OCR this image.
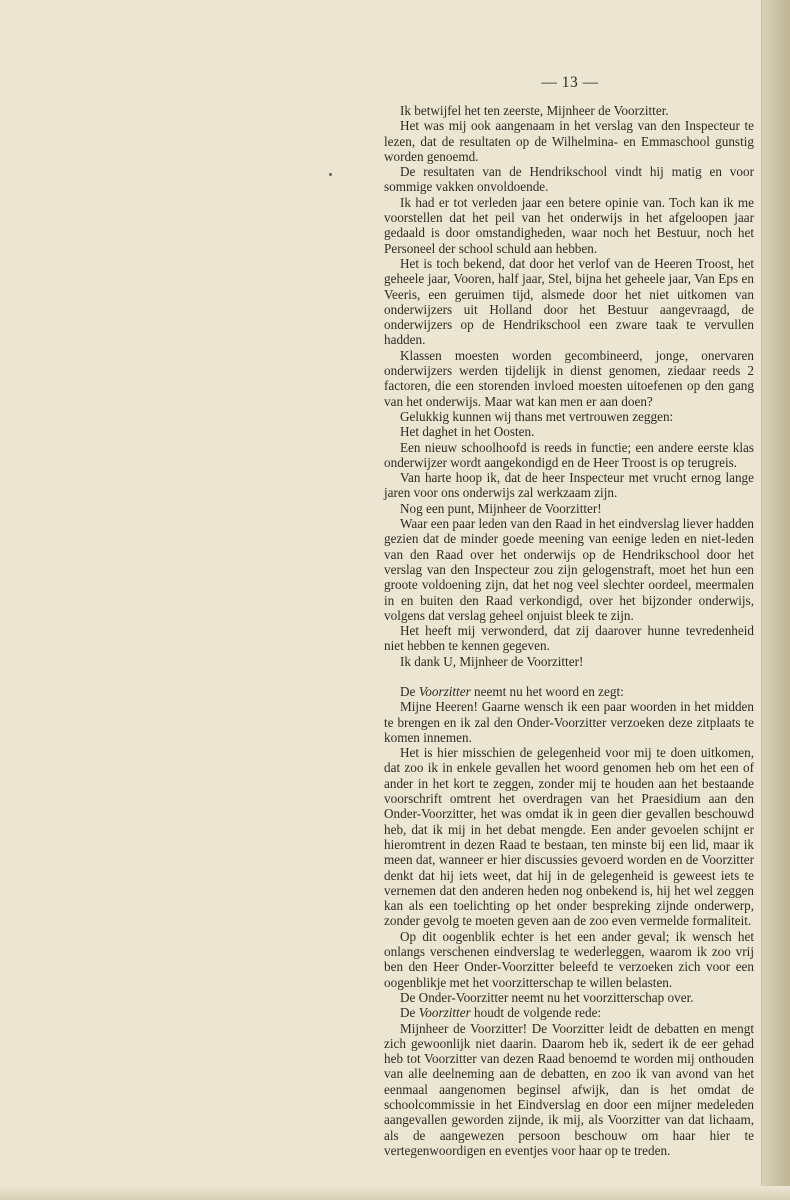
— 13 —

Ik betwijfel het ten zeerste, Mijnheer de Voorzitter.

Het was mij ook aangenaam in het verslag van den Inspecteur te lezen, dat de resultaten op de Wilhelmina- en Emmaschool gunstig worden genoemd.

De resultaten van de Hendrikschool vindt hij matig en voor sommige vakken onvoldoende.

Ik had er tot verleden jaar een betere opinie van. Toch kan ik me voorstellen dat het peil van het onderwijs in het afgeloopen jaar gedaald is door omstandigheden, waar noch het Bestuur, noch het Personeel der school schuld aan hebben.

Het is toch bekend, dat door het verlof van de Heeren Troost, het geheele jaar, Vooren, half jaar, Stel, bijna het geheele jaar, Van Eps en Veeris, een geruimen tijd, alsmede door het niet uitkomen van onderwijzers uit Holland door het Bestuur aangevraagd, de onderwijzers op de Hendrikschool een zware taak te vervullen hadden.

Klassen moesten worden gecombineerd, jonge, onervaren onderwijzers werden tijdelijk in dienst genomen, ziedaar reeds 2 factoren, die een storenden invloed moesten uitoefenen op den gang van het onderwijs. Maar wat kan men er aan doen?

Gelukkig kunnen wij thans met vertrouwen zeggen:

Het daghet in het Oosten.

Een nieuw schoolhoofd is reeds in functie; een andere eerste klas onderwijzer wordt aangekondigd en de Heer Troost is op terugreis.

Van harte hoop ik, dat de heer Inspecteur met vrucht ernog lange jaren voor ons onderwijs zal werkzaam zijn.

Nog een punt, Mijnheer de Voorzitter!

Waar een paar leden van den Raad in het eindverslag liever hadden gezien dat de minder goede meening van eenige leden en niet-leden van den Raad over het onderwijs op de Hendrikschool door het verslag van den Inspecteur zou zijn gelogenstraft, moet het hun een groote voldoening zijn, dat het nog veel slechter oordeel, meermalen in en buiten den Raad verkondigd, over het bijzonder onderwijs, volgens dat verslag geheel onjuist bleek te zijn.

Het heeft mij verwonderd, dat zij daarover hunne tevredenheid niet hebben te kennen gegeven.

Ik dank U, Mijnheer de Voorzitter!

De Voorzitter neemt nu het woord en zegt:

Mijne Heeren! Gaarne wensch ik een paar woorden in het midden te brengen en ik zal den Onder-Voorzitter verzoeken deze zitplaats te komen innemen.

Het is hier misschien de gelegenheid voor mij te doen uitkomen, dat zoo ik in enkele gevallen het woord genomen heb om het een of ander in het kort te zeggen, zonder mij te houden aan het bestaande voorschrift omtrent het overdragen van het Praesidium aan den Onder-Voorzitter, het was omdat ik in geen dier gevallen beschouwd heb, dat ik mij in het debat mengde. Een ander gevoelen schijnt er hieromtrent in dezen Raad te bestaan, ten minste bij een lid, maar ik meen dat, wanneer er hier discussies gevoerd worden en de Voorzitter denkt dat hij iets weet, dat hij in de gelegenheid is geweest iets te vernemen dat den anderen heden nog onbekend is, hij het wel zeggen kan als een toelichting op het onder bespreking zijnde onderwerp, zonder gevolg te moeten geven aan de zoo even vermelde formaliteit.

Op dit oogenblik echter is het een ander geval; ik wensch het onlangs verschenen eindverslag te wederleggen, waarom ik zoo vrij ben den Heer Onder-Voorzitter beleefd te verzoeken zich voor een oogenblikje met het voorzitterschap te willen belasten.

De Onder-Voorzitter neemt nu het voorzitterschap over.

De Voorzitter houdt de volgende rede:

Mijnheer de Voorzitter! De Voorzitter leidt de debatten en mengt zich gewoonlijk niet daarin. Daarom heb ik, sedert ik de eer gehad heb tot Voorzitter van dezen Raad benoemd te worden mij onthouden van alle deelneming aan de debatten, en zoo ik van avond van het eenmaal aangenomen beginsel afwijk, dan is het omdat de schoolcommissie in het Eindverslag en door een mijner medeleden aangevallen geworden zijnde, ik mij, als Voorzitter van dat lichaam, als de aangewezen persoon beschouw om haar hier te vertegenwoordigen en eventjes voor haar op te treden.
